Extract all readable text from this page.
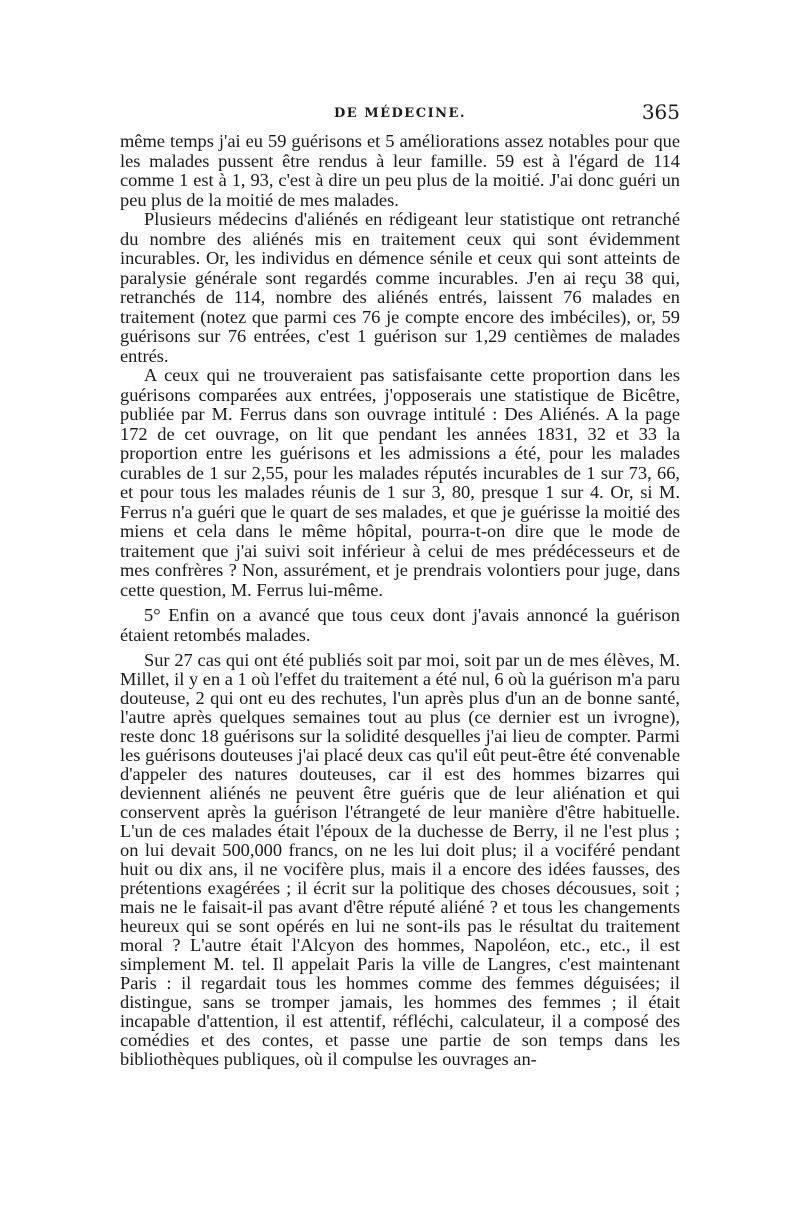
DE MÉDECINE.	365

même temps j'ai eu 59 guérisons et 5 améliorations assez notables pour que les malades pussent être rendus à leur famille. 59 est à l'égard de 114 comme 1 est à 1, 93, c'est à dire un peu plus de la moitié. J'ai donc guéri un peu plus de la moitié de mes malades.

Plusieurs médecins d'aliénés en rédigeant leur statistique ont retranché du nombre des aliénés mis en traitement ceux qui sont évidemment incurables. Or, les individus en démence sénile et ceux qui sont atteints de paralysie générale sont regardés comme incurables. J'en ai reçu 38 qui, retranchés de 114, nombre des aliénés entrés, laissent 76 malades en traitement (notez que parmi ces 76 je compte encore des imbéciles), or, 59 guérisons sur 76 entrées, c'est 1 guérison sur 1,29 centièmes de malades entrés.

A ceux qui ne trouveraient pas satisfaisante cette proportion dans les guérisons comparées aux entrées, j'opposerais une statistique de Bicêtre, publiée par M. Ferrus dans son ouvrage intitulé : Des Aliénés. A la page 172 de cet ouvrage, on lit que pendant les années 1831, 32 et 33 la proportion entre les guérisons et les admissions a été, pour les malades curables de 1 sur 2,55, pour les malades réputés incurables de 1 sur 73, 66, et pour tous les malades réunis de 1 sur 3, 80, presque 1 sur 4. Or, si M. Ferrus n'a guéri que le quart de ses malades, et que je guérisse la moitié des miens et cela dans le même hôpital, pourra-t-on dire que le mode de traitement que j'ai suivi soit inférieur à celui de mes prédécesseurs et de mes confrères ? Non, assurément, et je prendrais volontiers pour juge, dans cette question, M. Ferrus lui-même.

5° Enfin on a avancé que tous ceux dont j'avais annoncé la guérison étaient retombés malades.

Sur 27 cas qui ont été publiés soit par moi, soit par un de mes élèves, M. Millet, il y en a 1 où l'effet du traitement a été nul, 6 où la guérison m'a paru douteuse, 2 qui ont eu des rechutes, l'un après plus d'un an de bonne santé, l'autre après quelques semaines tout au plus (ce dernier est un ivrogne), reste donc 18 guérisons sur la solidité desquelles j'ai lieu de compter. Parmi les guérisons douteuses j'ai placé deux cas qu'il eût peut-être été convenable d'appeler des natures douteuses, car il est des hommes bizarres qui deviennent aliénés ne peuvent être guéris que de leur aliénation et qui conservent après la guérison l'étrangeté de leur manière d'être habituelle. L'un de ces malades était l'époux de la duchesse de Berry, il ne l'est plus ; on lui devait 500,000 francs, on ne les lui doit plus; il a vociféré pendant huit ou dix ans, il ne vocifère plus, mais il a encore des idées fausses, des prétentions exagérées ; il écrit sur la politique des choses décousues, soit ; mais ne le faisait-il pas avant d'être réputé aliéné ? et tous les changements heureux qui se sont opérés en lui ne sont-ils pas le résultat du traitement moral ? L'autre était l'Alcyon des hommes, Napoléon, etc., etc., il est simplement M. tel. Il appelait Paris la ville de Langres, c'est maintenant Paris : il regardait tous les hommes comme des femmes déguisées; il distingue, sans se tromper jamais, les hommes des femmes ; il était incapable d'attention, il est attentif, réfléchi, calculateur, il a composé des comédies et des contes, et passe une partie de son temps dans les bibliothèques publiques, où il compulse les ouvrages an-
